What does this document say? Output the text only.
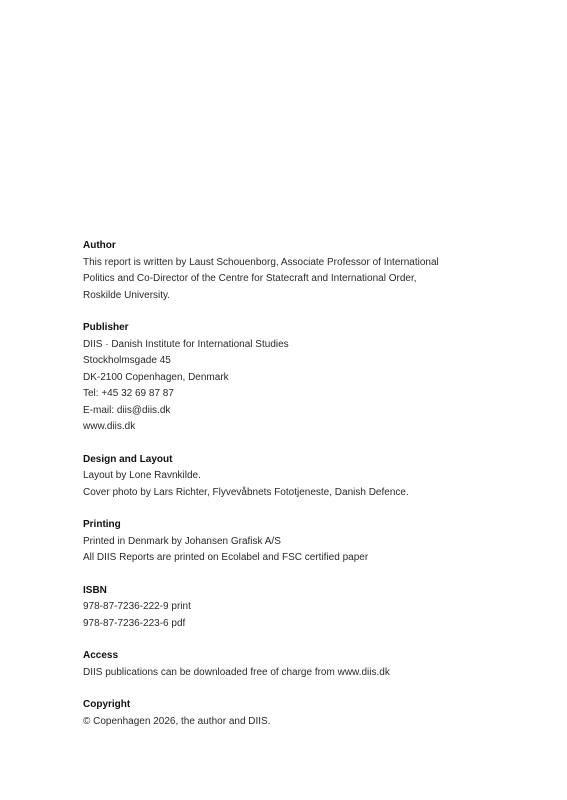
Author
This report is written by Laust Schouenborg, Associate Professor of International
Politics and Co-Director of the Centre for Statecraft and International Order,
Roskilde University.
Publisher
DIIS · Danish Institute for International Studies
Stockholmsgade 45
DK-2100 Copenhagen, Denmark
Tel: +45 32 69 87 87
E-mail: diis@diis.dk
www.diis.dk
Design and Layout
Layout by Lone Ravnkilde.
Cover photo by Lars Richter, Flyvevåbnets Fototjeneste, Danish Defence.
Printing
Printed in Denmark by Johansen Grafisk A/S
All DIIS Reports are printed on Ecolabel and FSC certified paper
ISBN
978-87-7236-222-9 print
978-87-7236-223-6 pdf
Access
DIIS publications can be downloaded free of charge from www.diis.dk
Copyright
© Copenhagen 2026, the author and DIIS.
